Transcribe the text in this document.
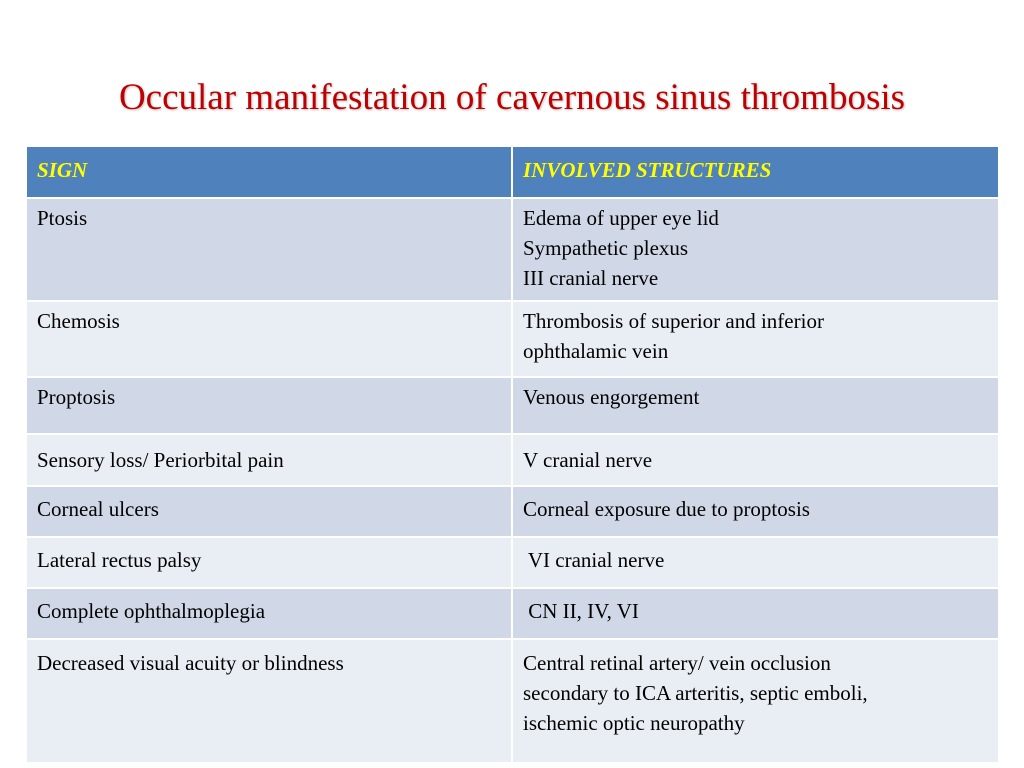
Occular manifestation of cavernous sinus thrombosis
SIGN	INVOLVED STRUCTURES
Ptosis	Edema of upper eye lid
Sympathetic plexus
III cranial nerve

Chemosis	Thrombosis of superior and inferior
ophthalamic vein

Proptosis	Venous engorgement

Sensory loss/ Periorbital pain	V cranial nerve

Corneal ulcers	Corneal exposure due to proptosis

Lateral rectus palsy	VI cranial nerve

Complete ophthalmoplegia	CN II, IV, VI

Decreased visual acuity or blindness	Central retinal artery/ vein occlusion
secondary to ICA arteritis, septic emboli,
ischemic optic neuropathy
